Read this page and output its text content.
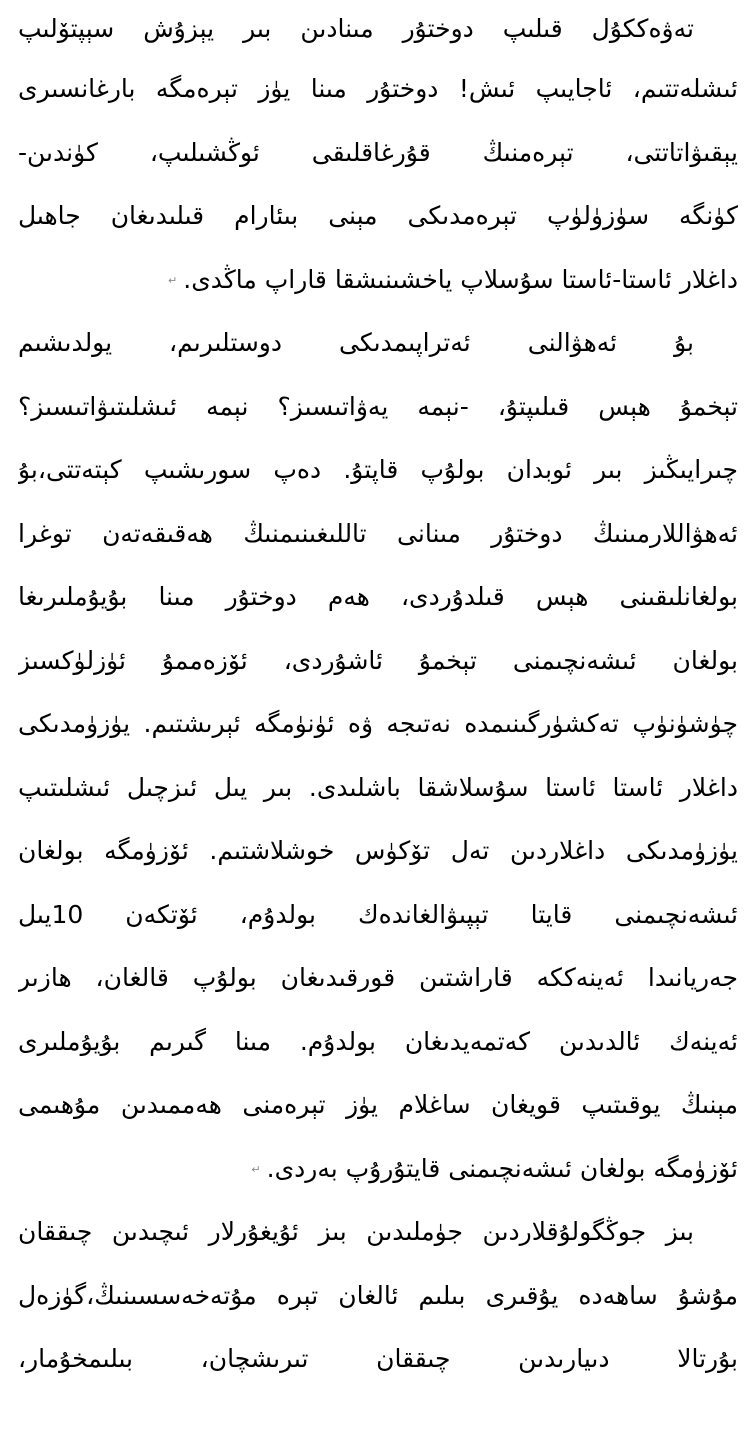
تەۋەككۇل قىلىپ دوختۇر مىنادىن بىر يېزۇش سېپتۆلىپ
ئىشلەتتىم، ئاجايىپ ئىش! دوختۇر مىنا يۈز تېرەمگە بارغانسىرى
يېقىۋاتاتتى، تېرەمنىڭ قۇرغاقلىقى ئوڭشىلىپ، كۈندىن-
كۈنگە سۈزۈلۈپ تېرەمدىكى مېنى بىئارام قىلىدىغان جاھىل
داغلار ئاستا-ئاستا سۇسلاپ ياخشىنىشقا قاراپ ماڭدى.↵
بۇ ئەھۋالنى ئەتراپىمدىكى دوستلىرىم، يولدىشىم
تېخمۇ ھېس قىلىپتۇ، -نېمە يەۋاتىسىز؟ نېمە ئىشلىتىۋاتىسىز؟
چىرايىڭىز بىر ئوبدان بولۇپ قاپتۇ. دەپ سورىشىپ كېتەتتى،بۇ
ئەھۋاللارمىنىڭ دوختۇر مىنانى تاللىغىنىمنىڭ ھەقىقەتەن توغرا
بولغانلىقىنى ھېس قىلدۇردى، ھەم دوختۇر مىنا بۇيۇملىرىغا
بولغان ئىشەنچىمنى تېخمۇ ئاشۇردى، ئۆزەممۇ ئۈزلۈكسىز
چۈشۈنۈپ تەكشۈرگىنىمدە نەتىجە ۋە ئۈنۈمگە ئېرىشتىم. يۈزۈمدىكى
داغلار ئاستا ئاستا سۇسلاشقا باشلىدى. بىر يىل ئىزچىل ئىشلىتىپ
يۈزۈمدىكى داغلاردىن تەل تۆكۈس خوشلاشتىم. ئۆزۈمگە بولغان
ئىشەنچىمنى قايتا تېپىۋالغاندەك بولدۇم، ئۆتكەن 10يىل
جەريانىدا ئەينەككە قاراشتىن قورقىدىغان بولۇپ قالغان، ھازىر
ئەينەك ئالدىدىن كەتمەيدىغان بولدۇم. مىنا گىرىم بۇيۇملىرى
مېنىڭ يوقىتىپ قويغان ساغلام يۈز تېرەمنى ھەممىدىن مۇھىمى
ئۆزۈمگە بولغان ئىشەنچىمنى قايتۇرۇپ بەردى.↵
بىز جوڭگولۇقلاردىن جۈملىدىن بىز ئۇيغۇرلار ئىچىدىن چىققان
مۇشۇ ساھەدە يۇقىرى بىلىم ئالغان تېرە مۇتەخەسسىنىڭ،گۈزەل
بۇرتالا دىيارىدىن چىققان تىرىشچان، بىلىمخۇمار،
